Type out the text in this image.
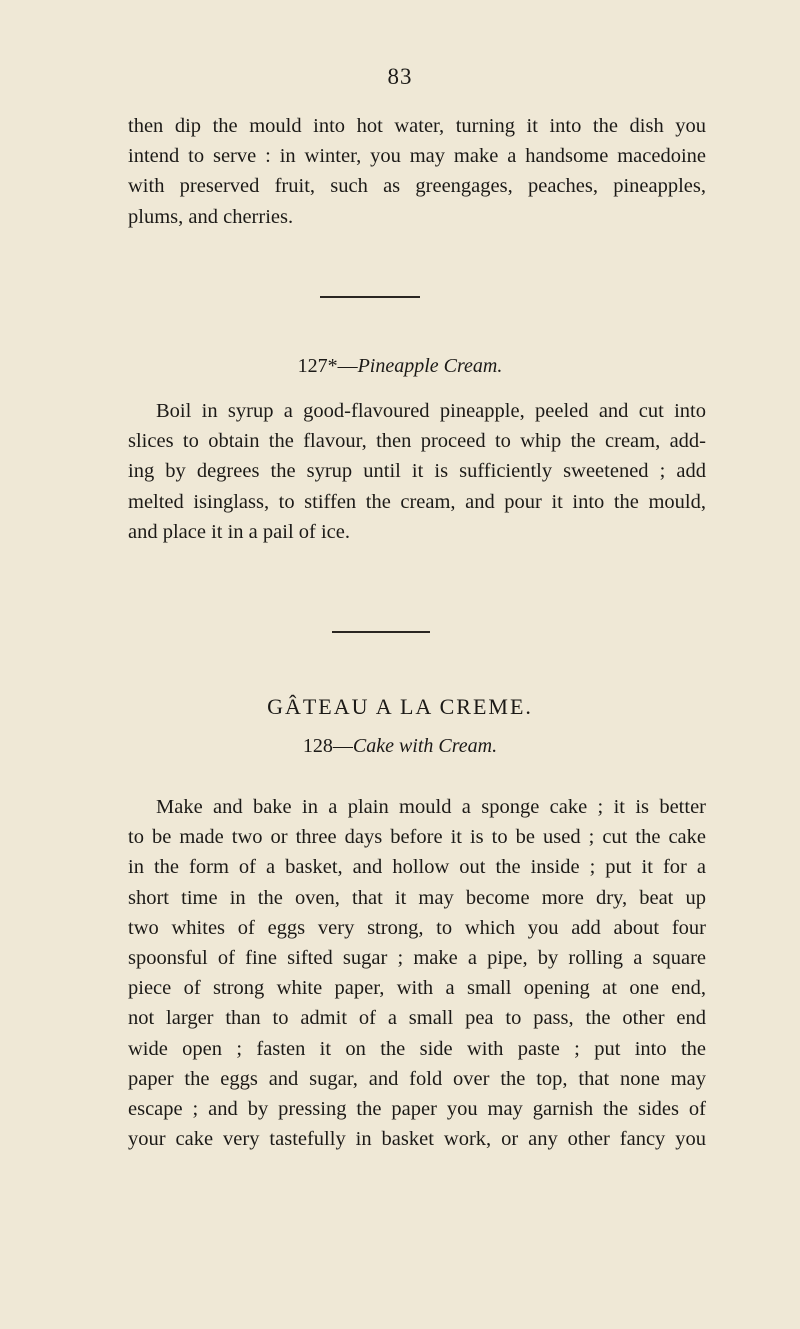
83
then dip the mould into hot water, turning it into the dish you
intend to serve : in winter, you may make a handsome macedoine
with preserved fruit, such as greengages, peaches, pineapples,
plums, and cherries.
127*—Pineapple Cream.
Boil in syrup a good-flavoured pineapple, peeled and cut into
slices to obtain the flavour, then proceed to whip the cream, add-
ing by degrees the syrup until it is sufficiently sweetened ; add
melted isinglass, to stiffen the cream, and pour it into the mould,
and place it in a pail of ice.
GÂTEAU A LA CREME.
128—Cake with Cream.
Make and bake in a plain mould a sponge cake ; it is better
to be made two or three days before it is to be used ; cut the cake
in the form of a basket, and hollow out the inside ; put it for a
short time in the oven, that it may become more dry, beat up
two whites of eggs very strong, to which you add about four
spoonsful of fine sifted sugar ; make a pipe, by rolling a square
piece of strong white paper, with a small opening at one end,
not larger than to admit of a small pea to pass, the other end
wide open ; fasten it on the side with paste ; put into the
paper the eggs and sugar, and fold over the top, that none may
escape ; and by pressing the paper you may garnish the sides of
your cake very tastefully in basket work, or any other fancy you
